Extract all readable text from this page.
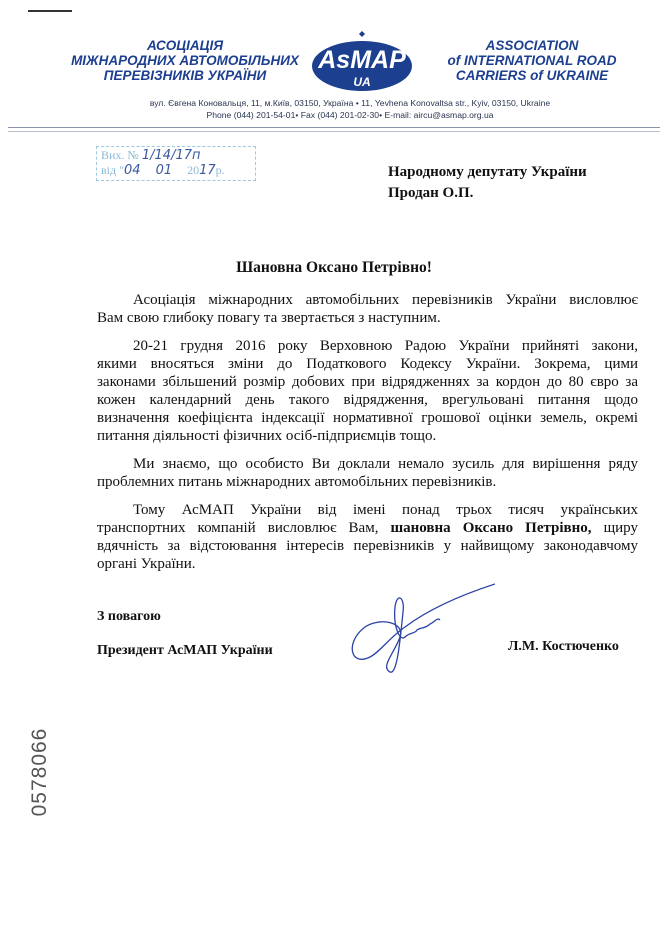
АСОЦІАЦІЯ
МІЖНАРОДНИХ АВТОМОБІЛЬНИХ
ПЕРЕВІЗНИКІВ УКРАЇНИ
AsMAP
UA
ASSOCIATION
of INTERNATIONAL ROAD
CARRIERS of UKRAINE
вул. Євгена Коновальця, 11, м.Київ, 03150, Україна • 11, Yevhena Konovaltsa str., Kyiv, 03150, Ukraine
Phone (044) 201-54-01• Fax (044) 201-02-30• E-mail: aircu@asmap.org.ua
Вих. № 1/14/17п
від "04 01 2017р.	Народному депутату України
Продан О.П.
Шановна Оксано Петрівно!
Асоціація міжнародних автомобільних перевізників України висловлює
Вам свою глибоку повагу та звертається з наступним.
20-21 грудня 2016 року Верховною Радою України прийняті закони,
якими вносяться зміни до Податкового Кодексу України. Зокрема, цими
законами збільшений розмір добових при відрядженнях за кордон до 80 євро за
кожен календарний день такого відрядження, врегульовані питання щодо
визначення коефіцієнта індексації нормативної грошової оцінки земель, окремі
питання діяльності фізичних осіб-підприємців тощо.
Ми знаємо, що особисто Ви доклали немало зусиль для вирішення ряду
проблемних питань міжнародних автомобільних перевізників.
Тому АсМАП України від імені понад трьох тисяч українських
транспортних компаній висловлює Вам, шановна Оксано Петрівно, щиру
вдячність за відстоювання інтересів перевізників у найвищому законодавчому
органі України.
З повагою
Президент АсМАП України	Л.М. Костюченко
0578066
